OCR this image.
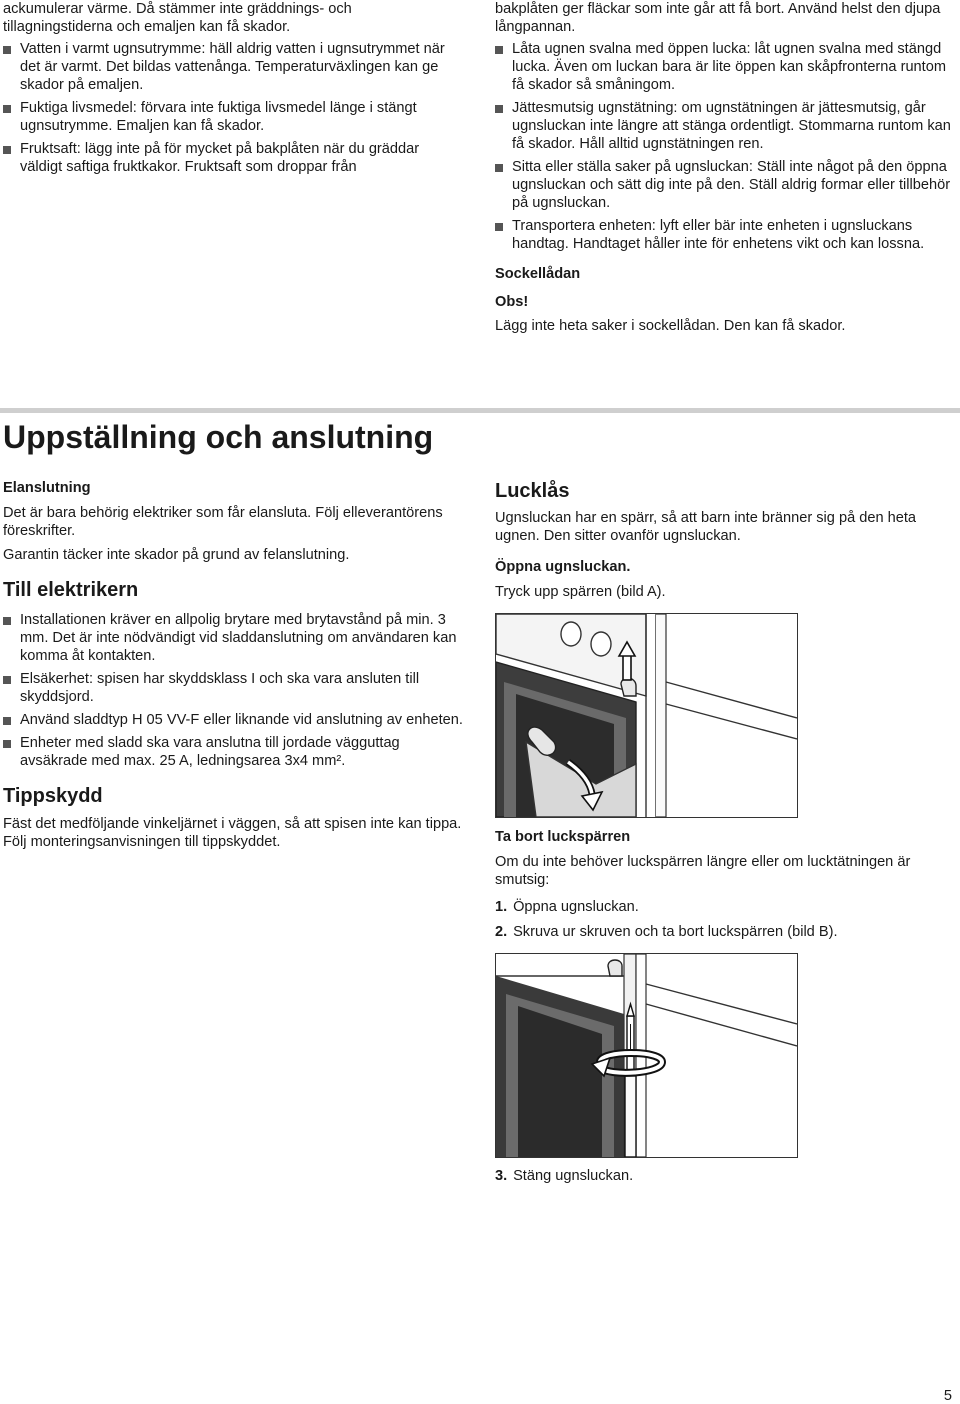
ackumulerar värme. Då stämmer inte gräddnings- och tillagningstiderna och emaljen kan få skador.

Vatten i varmt ugnsutrymme: häll aldrig vatten i ugnsutrymmet när det är varmt. Det bildas vattenånga. Temperaturväxlingen kan ge skador på emaljen.
Fuktiga livsmedel: förvara inte fuktiga livsmedel länge i stängt ugnsutrymme. Emaljen kan få skador.
Fruktsaft: lägg inte på för mycket på bakplåten när du gräddar väldigt saftiga fruktkakor. Fruktsaft som droppar från

bakplåten ger fläckar som inte går att få bort. Använd helst den djupa långpannan.

Låta ugnen svalna med öppen lucka: låt ugnen svalna med stängd lucka. Även om luckan bara är lite öppen kan skåpfronterna runtom få skador så småningom.
Jättesmutsig ugnstätning: om ugnstätningen är jättesmutsig, går ugnsluckan inte längre att stänga ordentligt. Stommarna runtom kan få skador. Håll alltid ugnstätningen ren.
Sitta eller ställa saker på ugnsluckan: Ställ inte något på den öppna ugnsluckan och sätt dig inte på den. Ställ aldrig formar eller tillbehör på ugnsluckan.
Transportera enheten: lyft eller bär inte enheten i ugnsluckans handtag. Handtaget håller inte för enhetens vikt och kan lossna.

Sockellådan

Obs!

Lägg inte heta saker i sockellådan. Den kan få skador.

Uppställning och anslutning

Elanslutning

Det är bara behörig elektriker som får elansluta. Följ elleverantörens föreskrifter.

Garantin täcker inte skador på grund av felanslutning.

Till elektrikern

Installationen kräver en allpolig brytare med brytavstånd på min. 3 mm. Det är inte nödvändigt vid sladdanslutning om användaren kan komma åt kontakten.
Elsäkerhet: spisen har skyddsklass I och ska vara ansluten till skyddsjord.
Använd sladdtyp H 05 VV-F eller liknande vid anslutning av enheten.
Enheter med sladd ska vara anslutna till jordade vägguttag avsäkrade med max. 25 A, ledningsarea 3x4 mm².

Tippskydd

Fäst det medföljande vinkeljärnet i väggen, så att spisen inte kan tippa. Följ monteringsanvisningen till tippskyddet.

Lucklås

Ugnsluckan har en spärr, så att barn inte bränner sig på den heta ugnen. Den sitter ovanför ugnsluckan.

Öppna ugnsluckan.

Tryck upp spärren (bild A).

Ta bort luckspärren

Om du inte behöver luckspärren längre eller om lucktätningen är smutsig:

1. Öppna ugnsluckan.
2. Skruva ur skruven och ta bort luckspärren (bild B).
3. Stäng ugnsluckan.
5
